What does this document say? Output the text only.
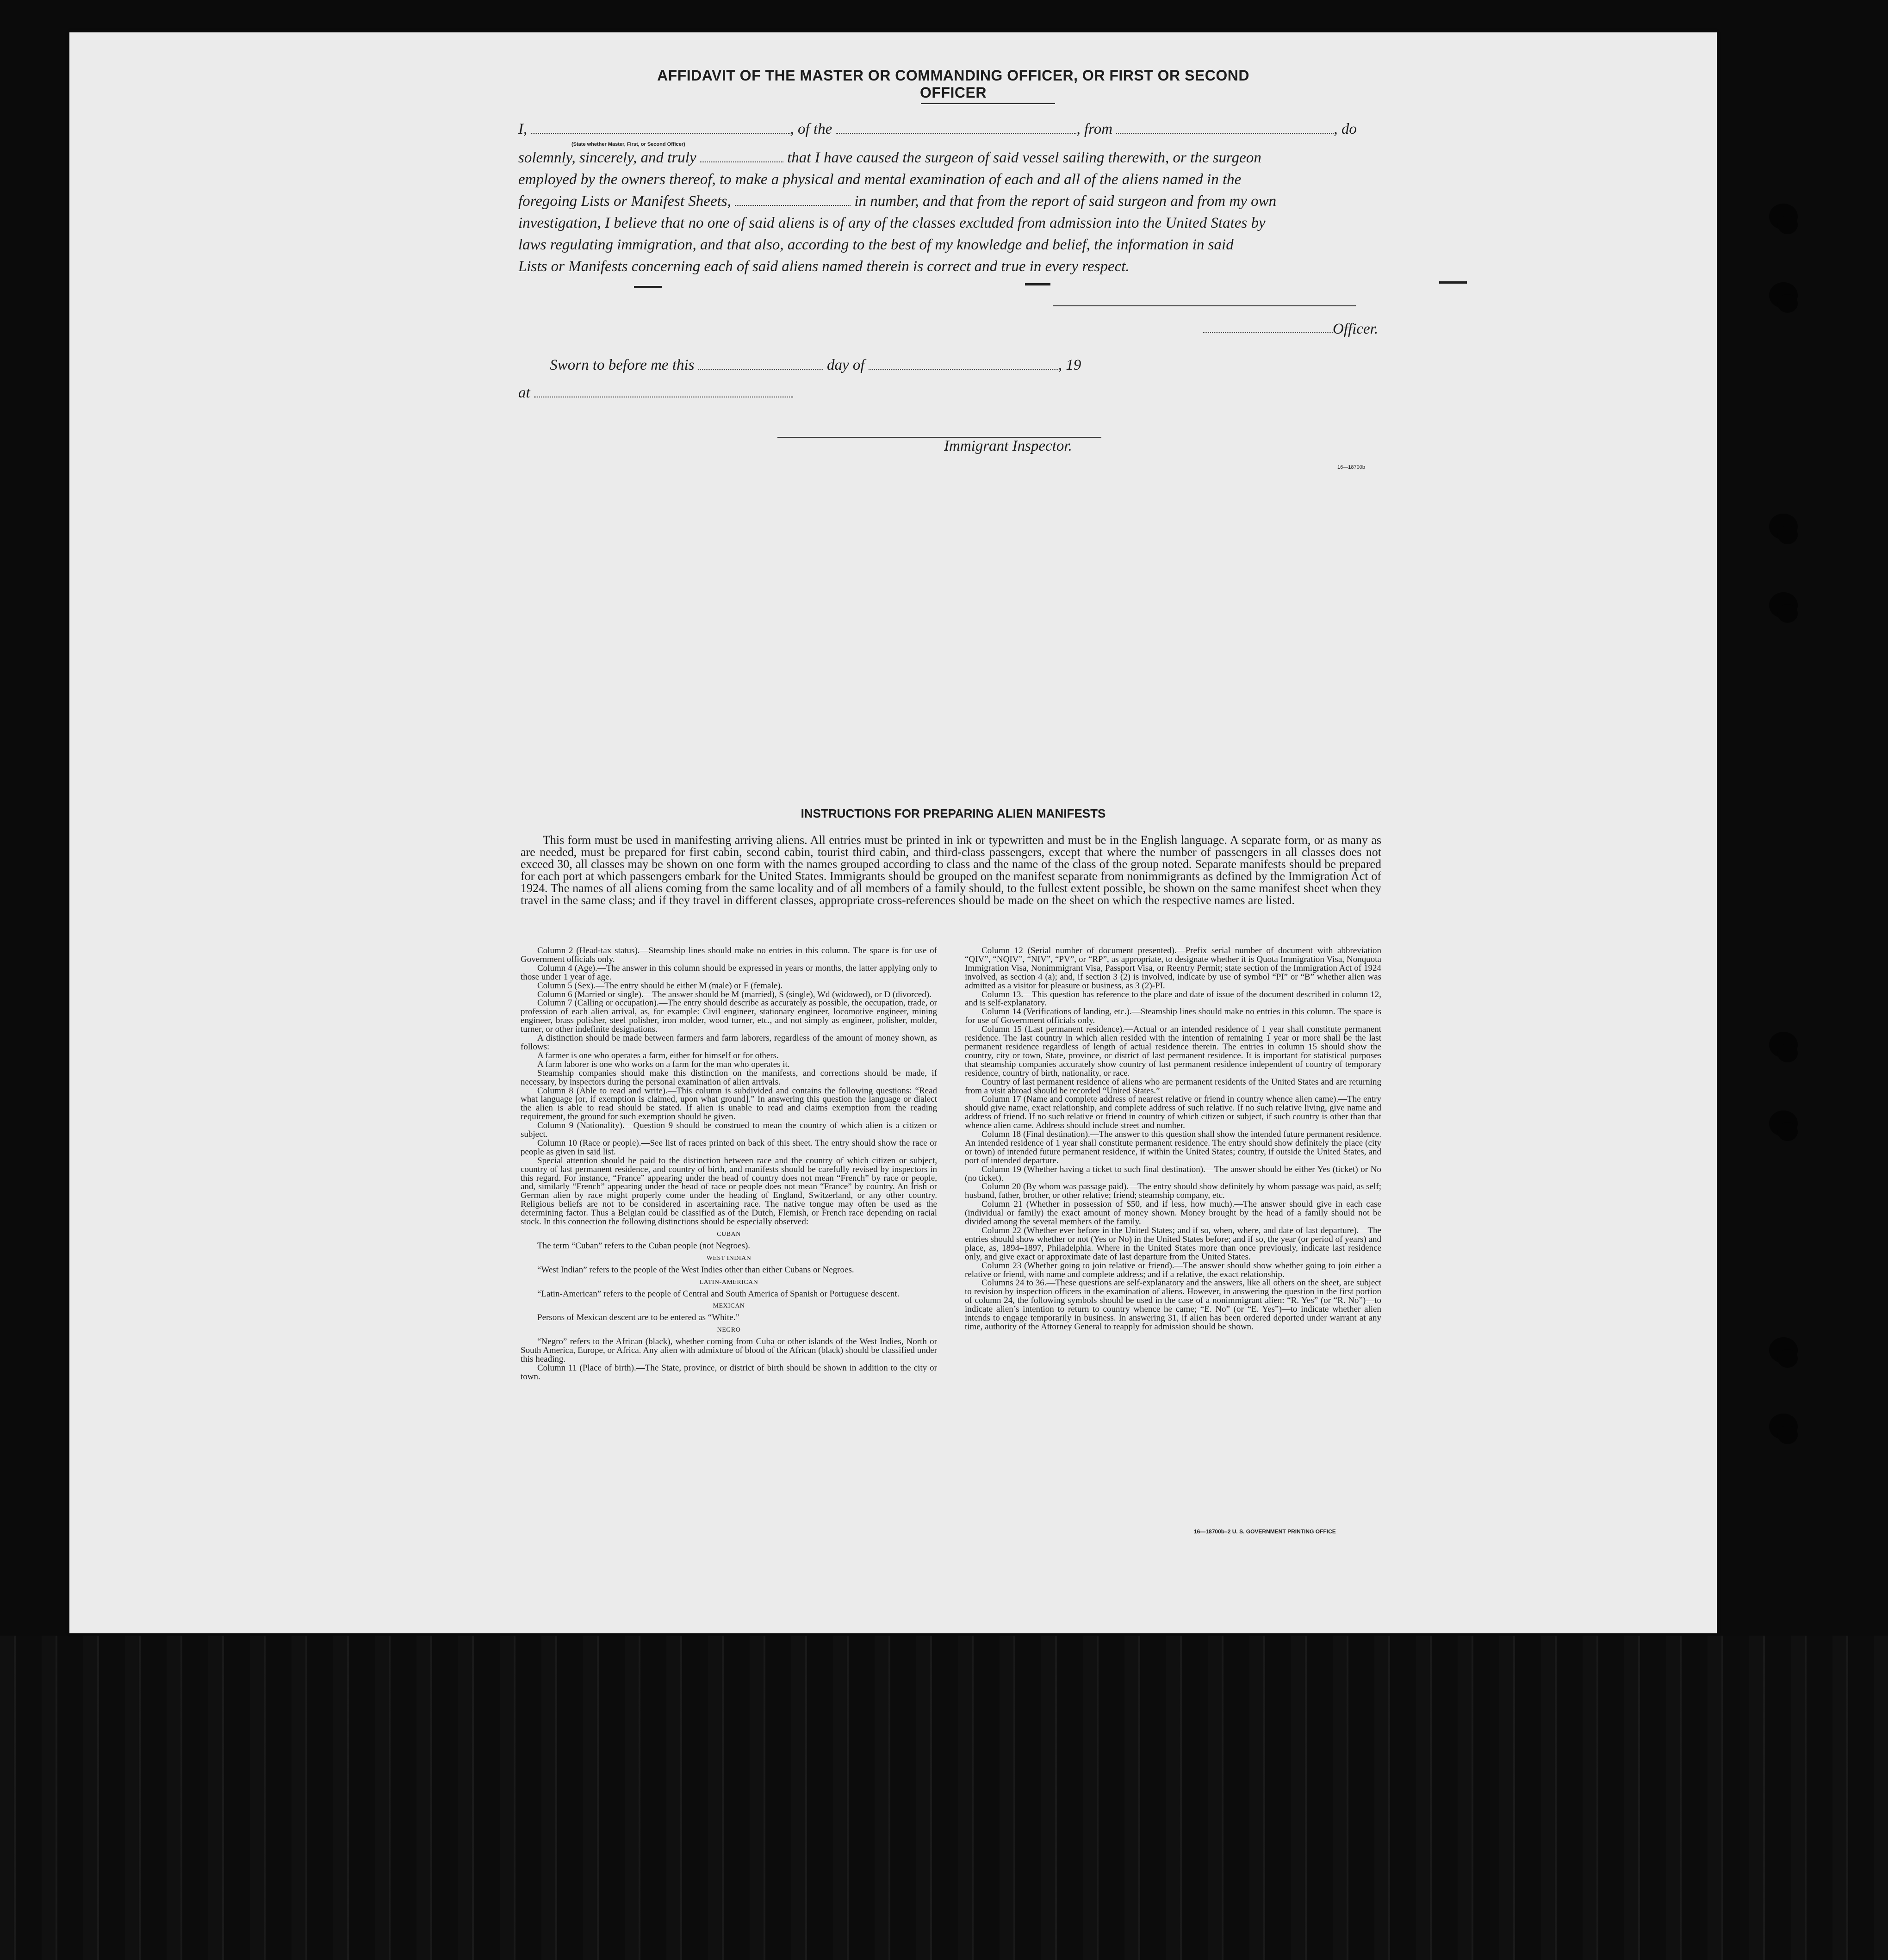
AFFIDAVIT OF THE MASTER OR COMMANDING OFFICER, OR FIRST OR SECOND OFFICER
I,	, of the	, from	, do
(State whether Master, First, or Second Officer)
solemnly, sincerely, and truly	that I have caused the surgeon of said vessel sailing therewith, or the surgeon
employed by the owners thereof, to make a physical and mental examination of each and all of the aliens named in the
foregoing Lists or Manifest Sheets,	in number, and that from the report of said surgeon and from my own
investigation, I believe that no one of said aliens is of any of the classes excluded from admission into the United States by
laws regulating immigration, and that also, according to the best of my knowledge and belief, the information in said
Lists or Manifests concerning each of said aliens named therein is correct and true in every respect.
Officer.
Sworn to before me this	day of	, 19
at
Immigrant Inspector.
16—18700b
INSTRUCTIONS FOR PREPARING ALIEN MANIFESTS

This form must be used in manifesting arriving aliens. All entries must be printed in ink or typewritten and must be in the English language. A separate form, or as many as are needed, must be prepared for first cabin, second cabin, tourist third cabin, and third-class passengers, except that where the number of passengers in all classes does not exceed 30, all classes may be shown on one form with the names grouped according to class and the name of the class of the group noted. Separate manifests should be prepared for each port at which passengers embark for the United States. Immigrants should be grouped on the manifest separate from nonimmigrants as defined by the Immigration Act of 1924. The names of all aliens coming from the same locality and of all members of a family should, to the fullest extent possible, be shown on the same manifest sheet when they travel in the same class; and if they travel in different classes, appropriate cross-references should be made on the sheet on which the respective names are listed.

Column 2 (Head-tax status).—Steamship lines should make no entries in this column. The space is for use of Government officials only.

Column 4 (Age).—The answer in this column should be expressed in years or months, the latter applying only to those under 1 year of age.

Column 5 (Sex).—The entry should be either M (male) or F (female).

Column 6 (Married or single).—The answer should be M (married), S (single), Wd (widowed), or D (divorced).

Column 7 (Calling or occupation).—The entry should describe as accurately as possible, the occupation, trade, or profession of each alien arrival, as, for example: Civil engineer, stationary engineer, locomotive engineer, mining engineer, brass polisher, steel polisher, iron molder, wood turner, etc., and not simply as engineer, polisher, molder, turner, or other indefinite designations.

A distinction should be made between farmers and farm laborers, regardless of the amount of money shown, as follows:

A farmer is one who operates a farm, either for himself or for others.

A farm laborer is one who works on a farm for the man who operates it.

Steamship companies should make this distinction on the manifests, and corrections should be made, if necessary, by inspectors during the personal examination of alien arrivals.

Column 8 (Able to read and write).—This column is subdivided and contains the following questions: “Read what language [or, if exemption is claimed, upon what ground].” In answering this question the language or dialect the alien is able to read should be stated. If alien is unable to read and claims exemption from the reading requirement, the ground for such exemption should be given.

Column 9 (Nationality).—Question 9 should be construed to mean the country of which alien is a citizen or subject.

Column 10 (Race or people).—See list of races printed on back of this sheet. The entry should show the race or people as given in said list.

Special attention should be paid to the distinction between race and the country of which citizen or subject, country of last permanent residence, and country of birth, and manifests should be carefully revised by inspectors in this regard. For instance, “France” appearing under the head of country does not mean “French” by race or people, and, similarly “French” appearing under the head of race or people does not mean “France” by country. An Irish or German alien by race might properly come under the heading of England, Switzerland, or any other country. Religious beliefs are not to be considered in ascertaining race. The native tongue may often be used as the determining factor. Thus a Belgian could be classified as of the Dutch, Flemish, or French race depending on racial stock. In this connection the following distinctions should be especially observed:

CUBAN

The term “Cuban” refers to the Cuban people (not Negroes).

WEST INDIAN

“West Indian” refers to the people of the West Indies other than either Cubans or Negroes.

LATIN-AMERICAN

“Latin-American” refers to the people of Central and South America of Spanish or Portuguese descent.

MEXICAN

Persons of Mexican descent are to be entered as “White.”

NEGRO

“Negro” refers to the African (black), whether coming from Cuba or other islands of the West Indies, North or South America, Europe, or Africa. Any alien with admixture of blood of the African (black) should be classified under this heading.

Column 11 (Place of birth).—The State, province, or district of birth should be shown in addition to the city or town.

Column 12 (Serial number of document presented).—Prefix serial number of document with abbreviation “QIV”, “NQIV”, “NIV”, “PV”, or “RP”, as appropriate, to designate whether it is Quota Immigration Visa, Nonquota Immigration Visa, Nonimmigrant Visa, Passport Visa, or Reentry Permit; state section of the Immigration Act of 1924 involved, as section 4 (a); and, if section 3 (2) is involved, indicate by use of symbol “PI” or “B” whether alien was admitted as a visitor for pleasure or business, as 3 (2)-PI.

Column 13.—This question has reference to the place and date of issue of the document described in column 12, and is self-explanatory.

Column 14 (Verifications of landing, etc.).—Steamship lines should make no entries in this column. The space is for use of Government officials only.

Column 15 (Last permanent residence).—Actual or an intended residence of 1 year shall constitute permanent residence. The last country in which alien resided with the intention of remaining 1 year or more shall be the last permanent residence regardless of length of actual residence therein. The entries in column 15 should show the country, city or town, State, province, or district of last permanent residence. It is important for statistical purposes that steamship companies accurately show country of last permanent residence independent of country of temporary residence, country of birth, nationality, or race.

Country of last permanent residence of aliens who are permanent residents of the United States and are returning from a visit abroad should be recorded “United States.”

Column 17 (Name and complete address of nearest relative or friend in country whence alien came).—The entry should give name, exact relationship, and complete address of such relative. If no such relative living, give name and address of friend. If no such relative or friend in country of which citizen or subject, if such country is other than that whence alien came. Address should include street and number.

Column 18 (Final destination).—The answer to this question shall show the intended future permanent residence. An intended residence of 1 year shall constitute permanent residence. The entry should show definitely the place (city or town) of intended future permanent residence, if within the United States; country, if outside the United States, and port of intended departure.

Column 19 (Whether having a ticket to such final destination).—The answer should be either Yes (ticket) or No (no ticket).

Column 20 (By whom was passage paid).—The entry should show definitely by whom passage was paid, as self; husband, father, brother, or other relative; friend; steamship company, etc.

Column 21 (Whether in possession of $50, and if less, how much).—The answer should give in each case (individual or family) the exact amount of money shown. Money brought by the head of a family should not be divided among the several members of the family.

Column 22 (Whether ever before in the United States; and if so, when, where, and date of last departure).—The entries should show whether or not (Yes or No) in the United States before; and if so, the year (or period of years) and place, as, 1894–1897, Philadelphia. Where in the United States more than once previously, indicate last residence only, and give exact or approximate date of last departure from the United States.

Column 23 (Whether going to join relative or friend).—The answer should show whether going to join either a relative or friend, with name and complete address; and if a relative, the exact relationship.

Columns 24 to 36.—These questions are self-explanatory and the answers, like all others on the sheet, are subject to revision by inspection officers in the examination of aliens. However, in answering the question in the first portion of column 24, the following symbols should be used in the case of a nonimmigrant alien: “R. Yes” (or “R. No”)—to indicate alien’s intention to return to country whence he came; “E. No” (or “E. Yes”)—to indicate whether alien intends to engage temporarily in business. In answering 31, if alien has been ordered deported under warrant at any time, authority of the Attorney General to reapply for admission should be shown.

16—18700b–2 U. S. GOVERNMENT PRINTING OFFICE
